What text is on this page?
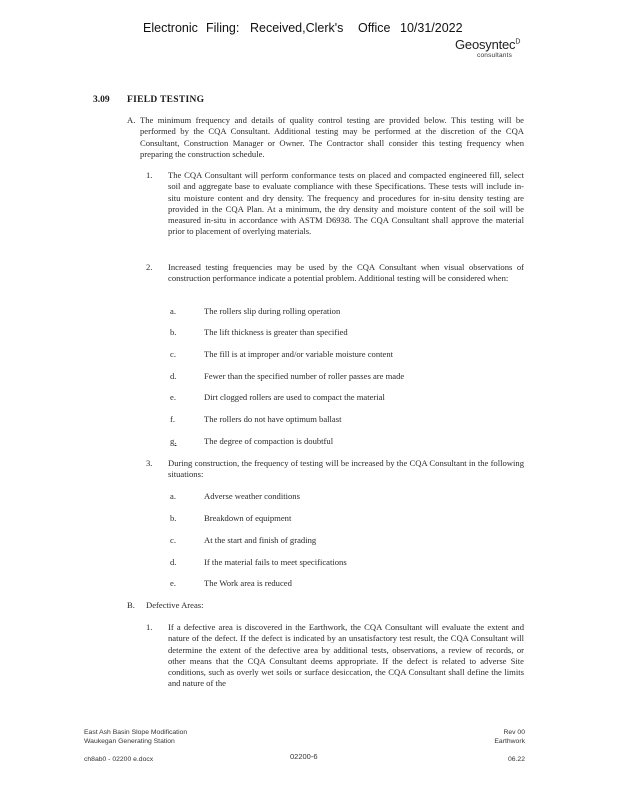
Electronic

Filing:

Received,Clerk's

Office

10/31/2022

Geosyntec$^D$
consultants
3.09 FIELD TESTING
A. The minimum frequency and details of quality control testing are provided below. This testing will be performed by the CQA Consultant. Additional testing may be performed at the discretion of the CQA Consultant, Construction Manager or Owner. The Contractor shall consider this testing frequency when preparing the construction schedule.
1. The CQA Consultant will perform conformance tests on placed and compacted engineered fill, select soil and aggregate base to evaluate compliance with these Specifications. These tests will include in-situ moisture content and dry density. The frequency and procedures for in-situ density testing are provided in the CQA Plan. At a minimum, the dry density and moisture content of the soil will be measured in-situ in accordance with ASTM D6938. The CQA Consultant shall approve the material prior to placement of overlying materials.
2. Increased testing frequencies may be used by the CQA Consultant when visual observations of construction performance indicate a potential problem. Additional testing will be considered when:
a.	The rollers slip during rolling operation
b.	The lift thickness is greater than specified
c.	The fill is at improper and/or variable moisture content
d.	Fewer than the specified number of roller passes are made
e.	Dirt clogged rollers are used to compact the material
f.	The rollers do not have optimum ballast
g.	The degree of compaction is doubtful
3. During construction, the frequency of testing will be increased by the CQA Consultant in the following situations:
a.	Adverse weather conditions
b.	Breakdown of equipment
c.	At the start and finish of grading
d.	If the material fails to meet specifications
e.	The Work area is reduced
B. Defective Areas:
1. If a defective area is discovered in the Earthwork, the CQA Consultant will evaluate the extent and nature of the defect. If the defect is indicated by an unsatisfactory test result, the CQA Consultant will determine the extent of the defective area by additional tests, observations, a review of records, or other means that the CQA Consultant deems appropriate. If the defect is related to adverse Site conditions, such as overly wet soils or surface desiccation, the CQA Consultant shall define the limits and nature of the
East Ash Basin Slope Modification
Waukegan Generating Station
ch8ab0 - 02200 e.docx	02200-6
Rev 00
Earthwork
06.22
